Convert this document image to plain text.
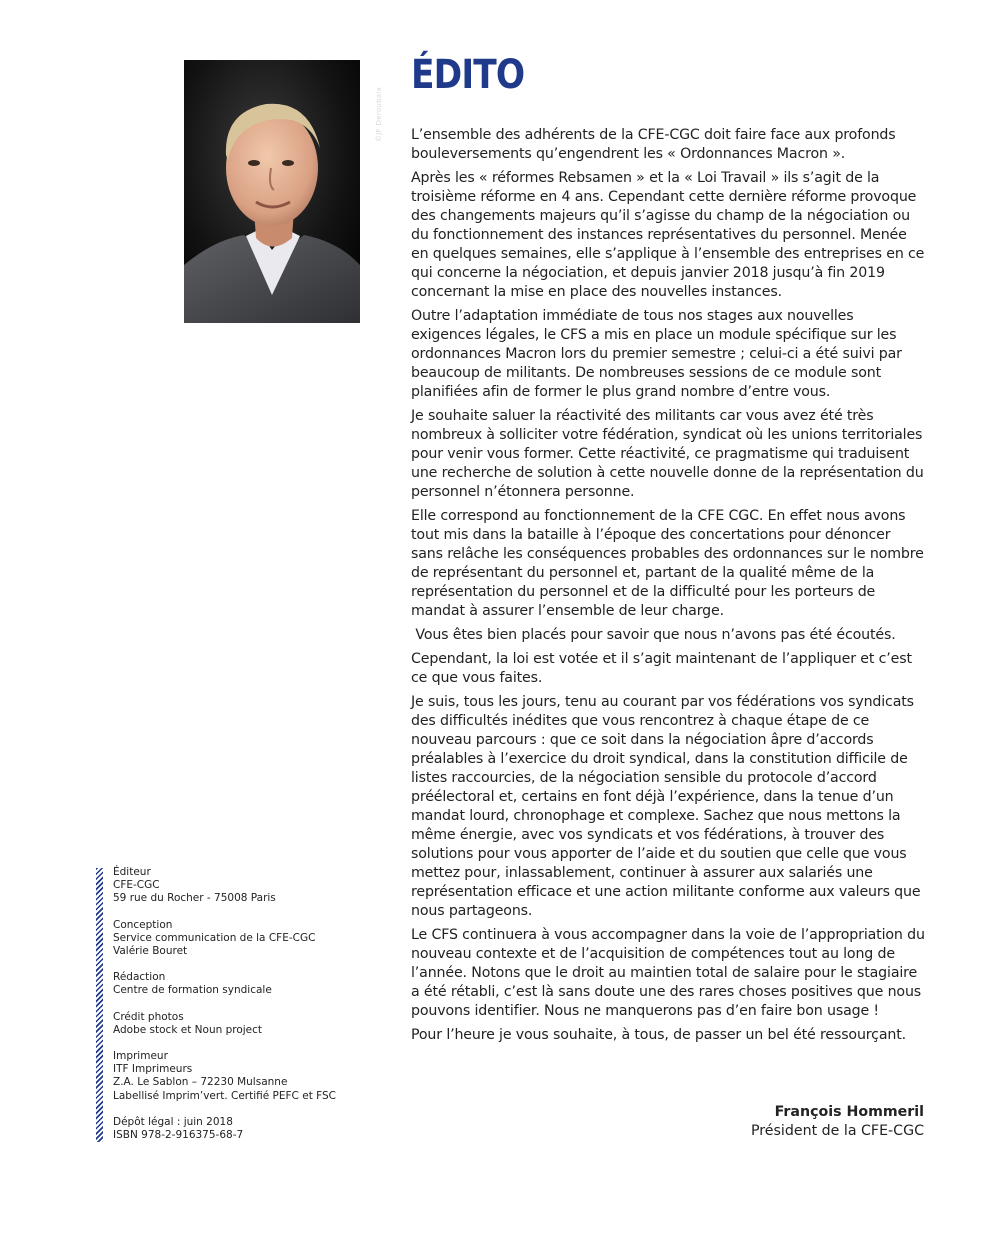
©JF Deroubaix
ÉDITO

L’ensemble des adhérents de la CFE-CGC doit faire face aux profonds bouleversements qu’engendrent les « Ordonnances Macron ».

Après les « réformes Rebsamen » et la « Loi Travail » ils s’agit de la troisième réforme en 4 ans. Cependant cette dernière réforme provoque des changements majeurs qu’il s’agisse du champ de la négociation ou du fonctionnement des instances représentatives du personnel. Menée en quelques semaines, elle s’applique à l’ensemble des entreprises en ce qui concerne la négociation, et depuis janvier 2018 jusqu’à fin 2019 concernant la mise en place des nouvelles instances.

Outre l’adaptation immédiate de tous nos stages aux nouvelles exigences légales, le CFS a mis en place un module spécifique sur les ordonnances Macron lors du premier semestre ; celui-ci a été suivi par beaucoup de militants. De nombreuses sessions de ce module sont planifiées afin de former le plus grand nombre d’entre vous.

Je souhaite saluer la réactivité des militants car vous avez été très nombreux à solliciter votre fédération, syndicat où les unions territoriales pour venir vous former. Cette réactivité, ce pragmatisme qui traduisent une recherche de solution à cette nouvelle donne de la représentation du personnel n’étonnera personne.

Elle correspond au fonctionnement de la CFE CGC. En effet nous avons tout mis dans la bataille à l’époque des concertations pour dénoncer sans relâche les conséquences probables des ordonnances sur le nombre de représentant du personnel et, partant de la qualité même de la représentation du personnel et de la difficulté pour les porteurs de mandat à assurer l’ensemble de leur charge.

Vous êtes bien placés pour savoir que nous n’avons pas été écoutés.

Cependant, la loi est votée et il s’agit maintenant de l’appliquer et c’est ce que vous faites.

Je suis, tous les jours, tenu au courant par vos fédérations vos syndicats des difficultés inédites que vous rencontrez à chaque étape de ce nouveau parcours : que ce soit dans la négociation âpre d’accords préalables à l’exercice du droit syndical, dans la constitution difficile de listes raccourcies, de la négociation sensible du protocole d’accord préélectoral et, certains en font déjà l’expérience, dans la tenue d’un mandat lourd, chronophage et complexe. Sachez que nous mettons la même énergie, avec vos syndicats et vos fédérations, à trouver des solutions pour vous apporter de l’aide et du soutien que celle que vous mettez pour, inlassablement, continuer à assurer aux salariés une représentation efficace et une action militante conforme aux valeurs que nous partageons.

Le CFS continuera à vous accompagner dans la voie de l’appropriation du nouveau contexte et de l’acquisition de compétences tout au long de l’année. Notons que le droit au maintien total de salaire pour le stagiaire a été rétabli, c’est là sans doute une des rares choses positives que nous pouvons identifier. Nous ne manquerons pas d’en faire bon usage !

Pour l’heure je vous souhaite, à tous, de passer un bel été ressourçant.

François Hommeril
Président de la CFE-CGC
Éditeur
CFE-CGC
59 rue du Rocher - 75008 Paris
Conception
Service communication de la CFE-CGC
Valérie Bouret
Rédaction
Centre de formation syndicale
Crédit photos
Adobe stock et Noun project
Imprimeur
ITF Imprimeurs
Z.A. Le Sablon – 72230 Mulsanne
Labellisé Imprim’vert. Certifié PEFC et FSC
Dépôt légal : juin 2018
ISBN 978-2-916375-68-7
